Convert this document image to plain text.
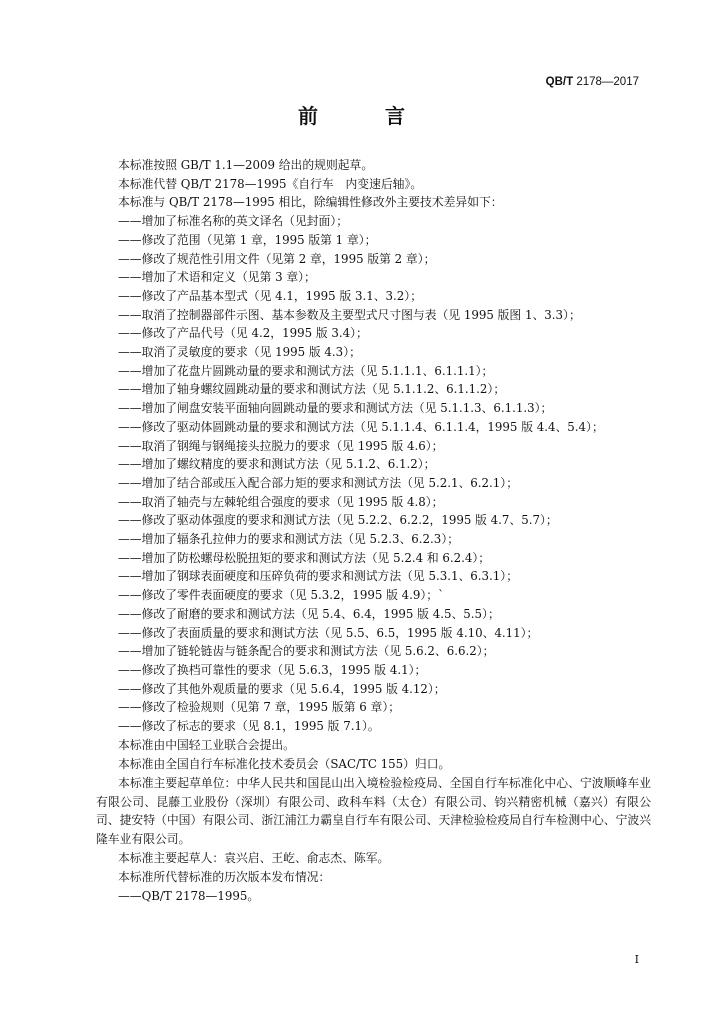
QB/T 2178—2017
前 言
本标准按照 GB/T 1.1—2009 给出的规则起草。
本标准代替 QB/T 2178—1995《自行车　内变速后轴》。
本标准与 QB/T 2178—1995 相比，除编辑性修改外主要技术差异如下：
——增加了标准名称的英文译名（见封面）；
——修改了范围（见第 1 章，1995 版第 1 章）；
——修改了规范性引用文件（见第 2 章，1995 版第 2 章）；
——增加了术语和定义（见第 3 章）；
——修改了产品基本型式（见 4.1，1995 版 3.1、3.2）；
——取消了控制器部件示图、基本参数及主要型式尺寸图与表（见 1995 版图 1、3.3）；
——修改了产品代号（见 4.2，1995 版 3.4）；
——取消了灵敏度的要求（见 1995 版 4.3）；
——增加了花盘片圆跳动量的要求和测试方法（见 5.1.1.1、6.1.1.1）；
——增加了轴身螺纹圆跳动量的要求和测试方法（见 5.1.1.2、6.1.1.2）；
——增加了闸盘安装平面轴向圆跳动量的要求和测试方法（见 5.1.1.3、6.1.1.3）；
——修改了驱动体圆跳动量的要求和测试方法（见 5.1.1.4、6.1.1.4，1995 版 4.4、5.4）；
——取消了钢绳与钢绳接头拉脱力的要求（见 1995 版 4.6）；
——增加了螺纹精度的要求和测试方法（见 5.1.2、6.1.2）；
——增加了结合部或压入配合部力矩的要求和测试方法（见 5.2.1、6.2.1）；
——取消了轴壳与左棘轮组合强度的要求（见 1995 版 4.8）；
——修改了驱动体强度的要求和测试方法（见 5.2.2、6.2.2，1995 版 4.7、5.7）；
——增加了辐条孔拉伸力的要求和测试方法（见 5.2.3、6.2.3）；
——增加了防松螺母松脱扭矩的要求和测试方法（见 5.2.4 和 6.2.4）；
——增加了钢球表面硬度和压碎负荷的要求和测试方法（见 5.3.1、6.3.1）；
——修改了零件表面硬度的要求（见 5.3.2，1995 版 4.9）；`
——修改了耐磨的要求和测试方法（见 5.4、6.4，1995 版 4.5、5.5）；
——修改了表面质量的要求和测试方法（见 5.5、6.5，1995 版 4.10、4.11）；
——增加了链轮链齿与链条配合的要求和测试方法（见 5.6.2、6.6.2）；
——修改了换档可靠性的要求（见 5.6.3，1995 版 4.1）；
——修改了其他外观质量的要求（见 5.6.4，1995 版 4.12）；
——修改了检验规则（见第 7 章，1995 版第 6 章）；
——修改了标志的要求（见 8.1，1995 版 7.1）。
本标准由中国轻工业联合会提出。
本标准由全国自行车标准化技术委员会（SAC/TC 155）归口。
本标准主要起草单位：中华人民共和国昆山出入境检验检疫局、全国自行车标准化中心、宁波顺峰车业有限公司、昆藤工业股份（深圳）有限公司、政科车料（太仓）有限公司、钧兴精密机械（嘉兴）有限公司、捷安特（中国）有限公司、浙江浦江力霸皇自行车有限公司、天津检验检疫局自行车检测中心、宁波兴隆车业有限公司。
本标准主要起草人：袁兴启、王屹、俞志杰、陈军。
本标准所代替标准的历次版本发布情况：
——QB/T 2178—1995。
I
